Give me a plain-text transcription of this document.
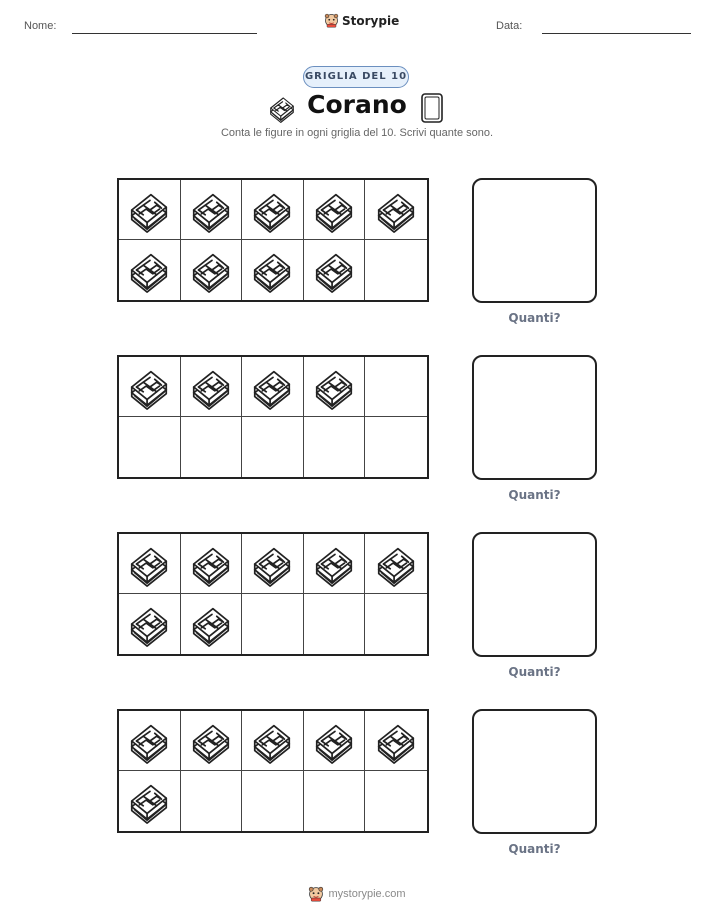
Nome:	Storypie	Data:
GRIGLIA DEL 10
Corano
Conta le figure in ogni griglia del 10. Scrivi quante sono.
Quanti?
Quanti?
Quanti?
Quanti?
mystorypie.com
